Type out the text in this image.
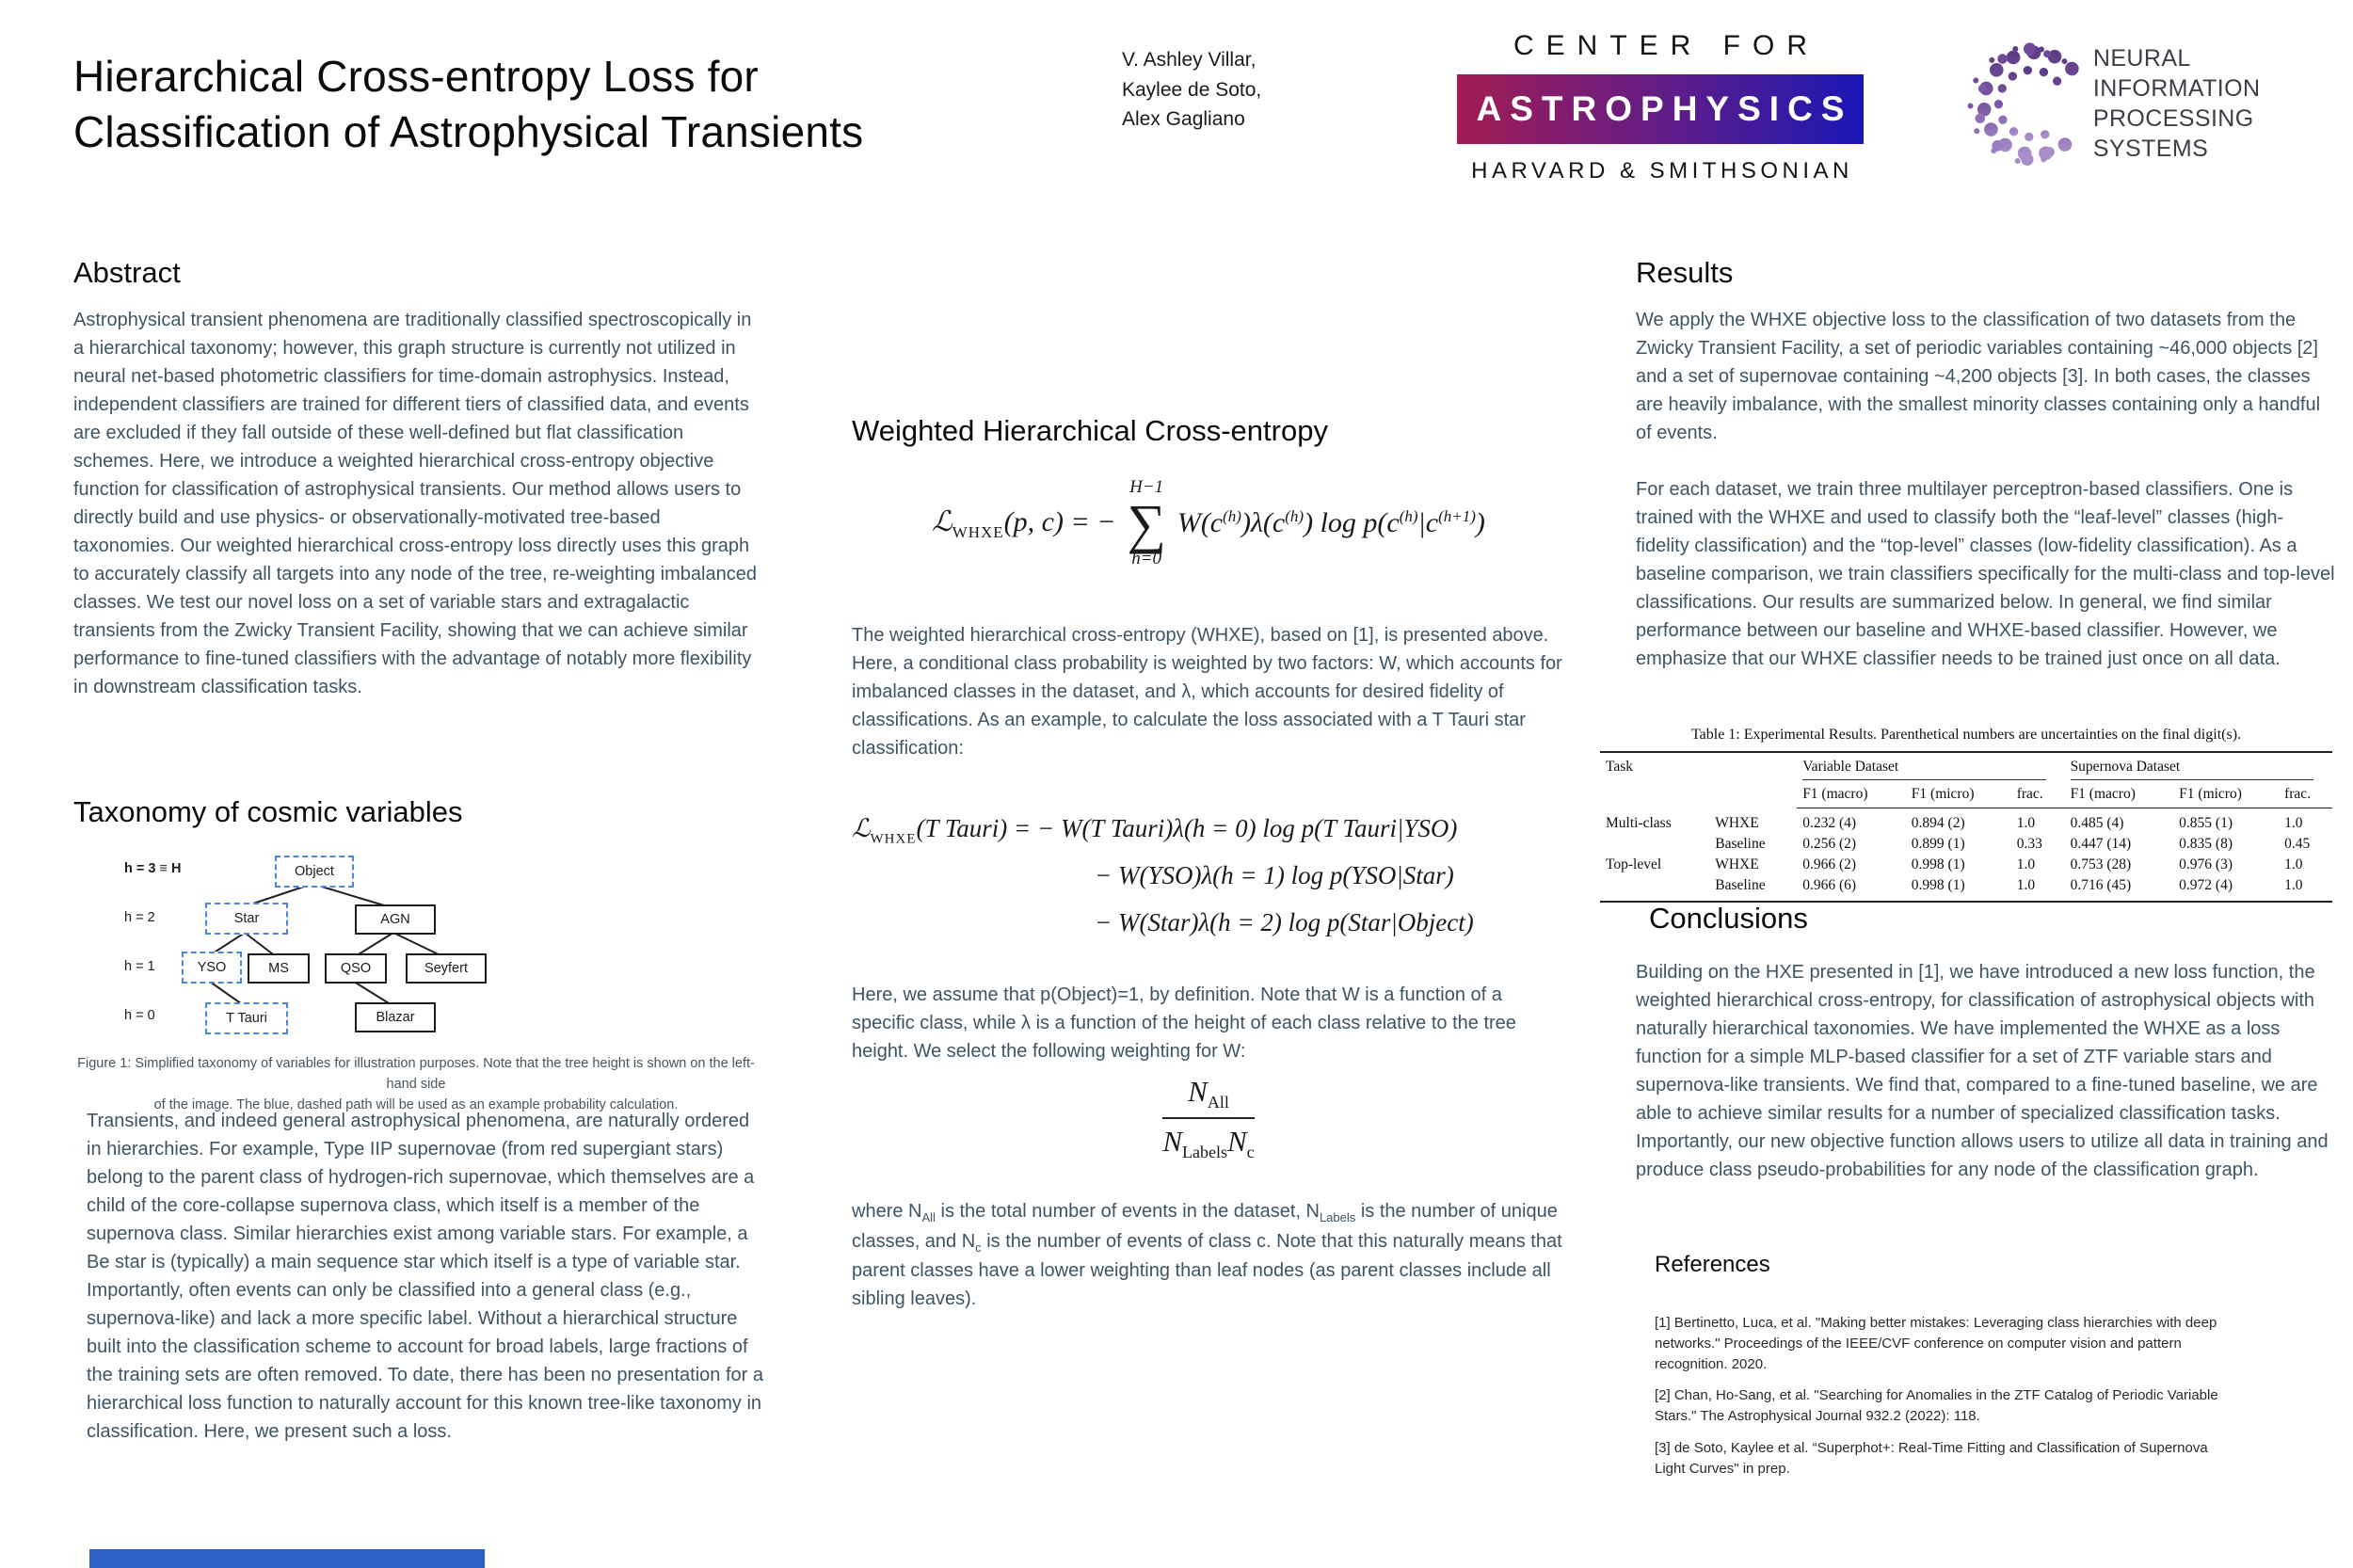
Hierarchical Cross-entropy Loss for
Classification of Astrophysical Transients
V. Ashley Villar,
Kaylee de Soto,
Alex Gagliano
CENTER FOR
ASTROPHYSICS
HARVARD & SMITHSONIAN
NEURAL INFORMATION
PROCESSING SYSTEMS
Abstract

Astrophysical transient phenomena are traditionally classified spectroscopically in a hierarchical taxonomy; however, this graph structure is currently not utilized in neural net-based photometric classifiers for time-domain astrophysics. Instead, independent classifiers are trained for different tiers of classified data, and events are excluded if they fall outside of these well-defined but flat classification schemes. Here, we introduce a weighted hierarchical cross-entropy objective function for classification of astrophysical transients. Our method allows users to directly build and use physics- or observationally-motivated tree-based taxonomies. Our weighted hierarchical cross-entropy loss directly uses this graph to accurately classify all targets into any node of the tree, re-weighting imbalanced classes. We test our novel loss on a set of variable stars and extragalactic transients from the Zwicky Transient Facility, showing that we can achieve similar performance to fine-tuned classifiers with the advantage of notably more flexibility in downstream classification tasks.

Taxonomy of cosmic variables
h = 3 ≡ H
h = 2
h = 1
h = 0
Object
Star	AGN
YSO	MS	QSO	Seyfert
T Tauri	Blazar
Figure 1: Simplified taxonomy of variables for illustration purposes. Note that the tree height is shown on the left-hand side
of the image. The blue, dashed path will be used as an example probability calculation.

Transients, and indeed general astrophysical phenomena, are naturally ordered in hierarchies. For example, Type IIP supernovae (from red supergiant stars) belong to the parent class of hydrogen-rich supernovae, which themselves are a child of the core-collapse supernova class, which itself is a member of the supernova class. Similar hierarchies exist among variable stars. For example, a Be star is (typically) a main sequence star which itself is a type of variable star. Importantly, often events can only be classified into a general class (e.g., supernova-like) and lack a more specific label. Without a hierarchical structure built into the classification scheme to account for broad labels, large fractions of the training sets are often removed. To date, there has been no presentation for a hierarchical loss function to naturally account for this known tree-like taxonomy in classification. Here, we present such a loss.

Weighted Hierarchical Cross-entropy
ℒ$_{WHXE}$(p, c) = −
H−1
∑
h=0
$W(c^{(h)})\lambda(c^{(h)})$ $\log p(c^{(h)}|c^{(h+1)})$

The weighted hierarchical cross-entropy (WHXE), based on [1], is presented above. Here, a conditional class probability is weighted by two factors: W, which accounts for imbalanced classes in the dataset, and λ, which accounts for desired fidelity of classifications. As an example, to calculate the loss associated with a T Tauri star classification:

ℒ$_{WHXE}$(T Tauri) = − W(T Tauri)λ(h = 0) log p(T Tauri|YSO)
− W(YSO)λ(h = 1) log p(YSO|Star)
− W(Star)λ(h = 2) log p(Star|Object)

Here, we assume that p(Object)=1, by definition. Note that W is a function of a specific class, while λ is a function of the height of each class relative to the tree height. We select the following weighting for W:

$\frac{N_{All}}{N_{Labels}N_c}$

where $N_{All}$ is the total number of events in the dataset, $N_{Labels}$ is the number of unique classes, and $N_c$ is the number of events of class c. Note that this naturally means that parent classes have a lower weighting than leaf nodes (as parent classes include all sibling leaves).

Results

We apply the WHXE objective loss to the classification of two datasets from the Zwicky Transient Facility, a set of periodic variables containing ~46,000 objects [2] and a set of supernovae containing ~4,200 objects [3]. In both cases, the classes are heavily imbalance, with the smallest minority classes containing only a handful of events.

For each dataset, we train three multilayer perceptron-based classifiers. One is trained with the WHXE and used to classify both the “leaf-level” classes (high-fidelity classification) and the “top-level” classes (low-fidelity classification). As a baseline comparison, we train classifiers specifically for the multi-class and top-level classifications. Our results are summarized below. In general, we find similar performance between our baseline and WHXE-based classifier. However, we emphasize that our WHXE classifier needs to be trained just once on all data.

Table 1: Experimental Results. Parenthetical numbers are uncertainties on the final digit(s).
Task		Variable Dataset			Supernova Dataset		

		F1 (macro)	F1 (micro)	frac.	F1 (macro)	F1 (micro)	frac.
Multi-class	WHXE	0.232 (4)	0.894 (2)	1.0	0.485 (4)	0.855 (1)	1.0
	Baseline	0.256 (2)	0.899 (1)	0.33	0.447 (14)	0.835 (8)	0.45
Top-level	WHXE	0.966 (2)	0.998 (1)	1.0	0.753 (28)	0.976 (3)	1.0
	Baseline	0.966 (6)	0.998 (1)	1.0	0.716 (45)	0.972 (4)	1.0
Conclusions

Building on the HXE presented in [1], we have introduced a new loss function, the weighted hierarchical cross-entropy, for classification of astrophysical objects with naturally hierarchical taxonomies. We have implemented the WHXE as a loss function for a simple MLP-based classifier for a set of ZTF variable stars and supernova-like transients. We find that, compared to a fine-tuned baseline, we are able to achieve similar results for a number of specialized classification tasks. Importantly, our new objective function allows users to utilize all data in training and produce class pseudo-probabilities for any node of the classification graph.

References

[1] Bertinetto, Luca, et al. "Making better mistakes: Leveraging class hierarchies with deep networks." Proceedings of the IEEE/CVF conference on computer vision and pattern recognition. 2020.

[2] Chan, Ho-Sang, et al. "Searching for Anomalies in the ZTF Catalog of Periodic Variable Stars." The Astrophysical Journal 932.2 (2022): 118.

[3] de Soto, Kaylee et al. “Superphot+: Real-Time Fitting and Classification of Supernova Light Curves" in prep.
